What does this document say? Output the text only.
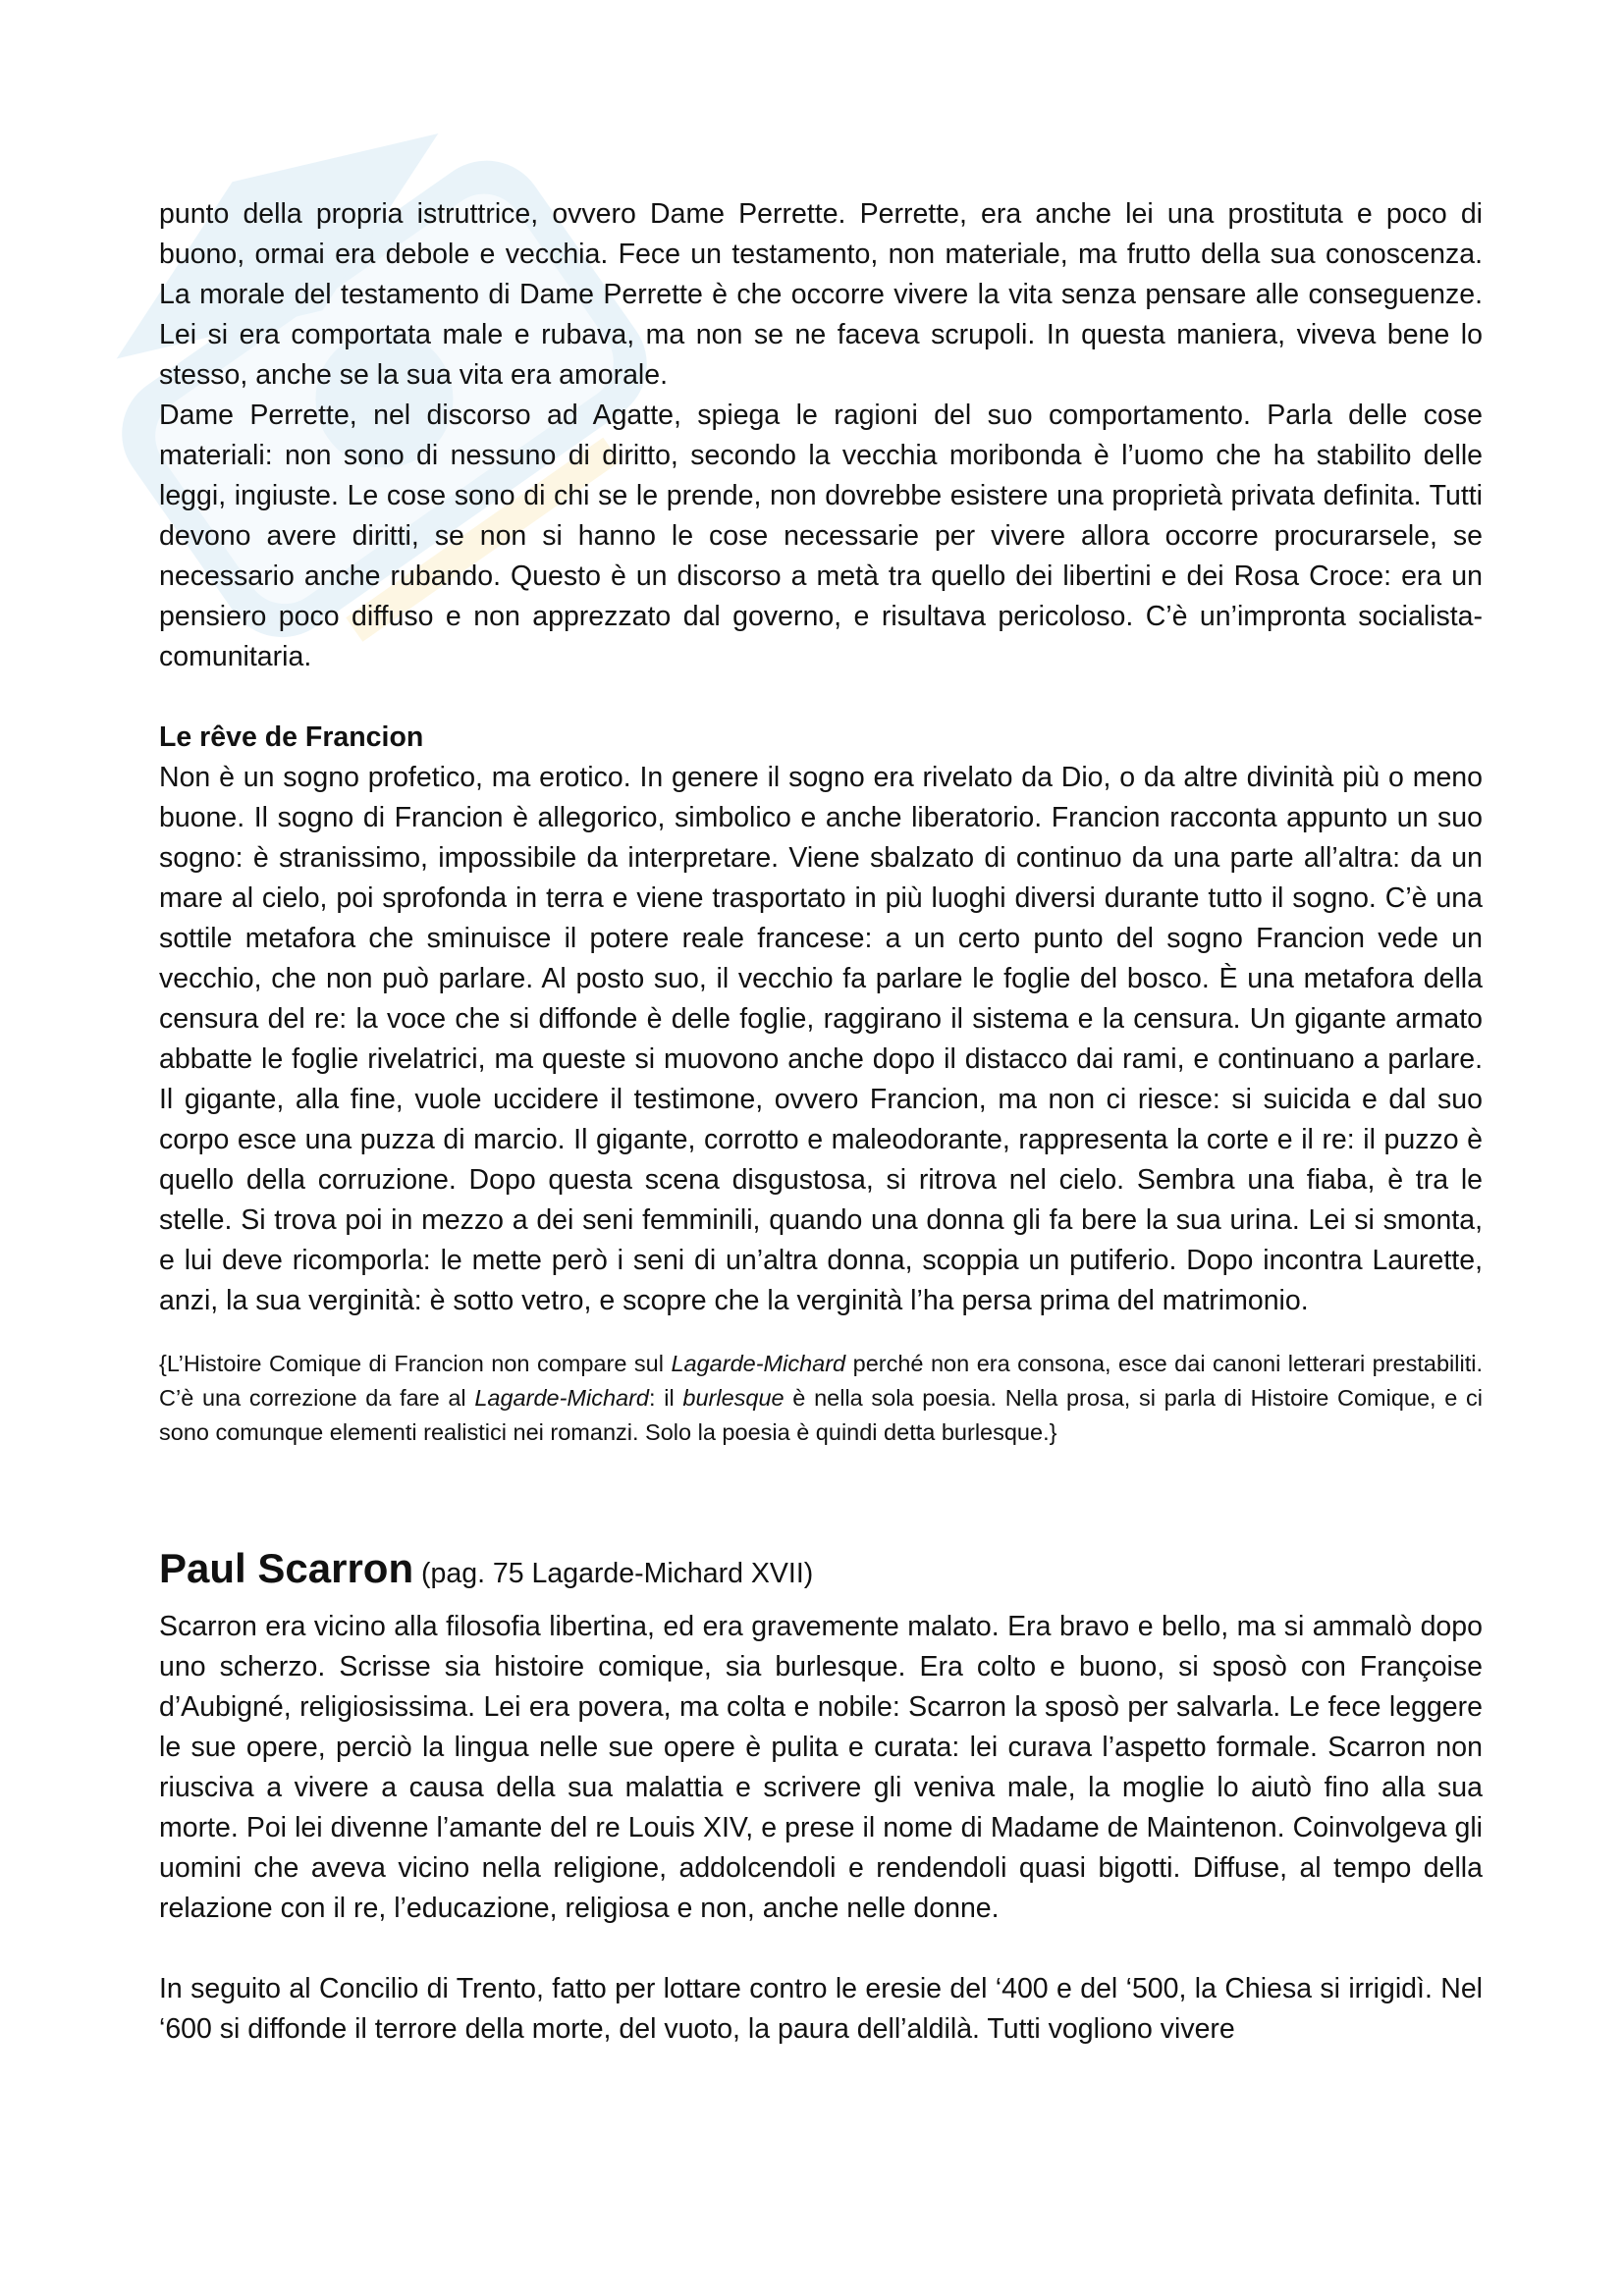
punto della propria istruttrice, ovvero Dame Perrette. Perrette, era anche lei una prostituta e poco di buono, ormai era debole e vecchia. Fece un testamento, non materiale, ma frutto della sua conoscenza. La morale del testamento di Dame Perrette è che occorre vivere la vita senza pensare alle conseguenze. Lei si era comportata male e rubava, ma non se ne faceva scrupoli. In questa maniera, viveva bene lo stesso, anche se la sua vita era amorale.

Dame Perrette, nel discorso ad Agatte, spiega le ragioni del suo comportamento. Parla delle cose materiali: non sono di nessuno di diritto, secondo la vecchia moribonda è l’uomo che ha stabilito delle leggi, ingiuste. Le cose sono di chi se le prende, non dovrebbe esistere una proprietà privata definita. Tutti devono avere diritti, se non si hanno le cose necessarie per vivere allora occorre procurarsele, se necessario anche rubando. Questo è un discorso a metà tra quello dei libertini e dei Rosa Croce: era un pensiero poco diffuso e non apprezzato dal governo, e risultava pericoloso. C’è un’impronta socialista-comunitaria.

Le rêve de Francion

Non è un sogno profetico, ma erotico. In genere il sogno era rivelato da Dio, o da altre divinità più o meno buone. Il sogno di Francion è allegorico, simbolico e anche liberatorio. Francion racconta appunto un suo sogno: è stranissimo, impossibile da interpretare. Viene sbalzato di continuo da una parte all’altra: da un mare al cielo, poi sprofonda in terra e viene trasportato in più luoghi diversi durante tutto il sogno. C’è una sottile metafora che sminuisce il potere reale francese: a un certo punto del sogno Francion vede un vecchio, che non può parlare. Al posto suo, il vecchio fa parlare le foglie del bosco. È una metafora della censura del re: la voce che si diffonde è delle foglie, raggirano il sistema e la censura. Un gigante armato abbatte le foglie rivelatrici, ma queste si muovono anche dopo il distacco dai rami, e continuano a parlare. Il gigante, alla fine, vuole uccidere il testimone, ovvero Francion, ma non ci riesce: si suicida e dal suo corpo esce una puzza di marcio. Il gigante, corrotto e maleodorante, rappresenta la corte e il re: il puzzo è quello della corruzione. Dopo questa scena disgustosa, si ritrova nel cielo. Sembra una fiaba, è tra le stelle. Si trova poi in mezzo a dei seni femminili, quando una donna gli fa bere la sua urina. Lei si smonta, e lui deve ricomporla: le mette però i seni di un’altra donna, scoppia un putiferio. Dopo incontra Laurette, anzi, la sua verginità: è sotto vetro, e scopre che la verginità l’ha persa prima del matrimonio.

{L’Histoire Comique di Francion non compare sul Lagarde-Michard perché non era consona, esce dai canoni letterari prestabiliti. C’è una correzione da fare al Lagarde-Michard: il burlesque è nella sola poesia. Nella prosa, si parla di Histoire Comique, e ci sono comunque elementi realistici nei romanzi. Solo la poesia è quindi detta burlesque.}

Paul Scarron (pag. 75 Lagarde-Michard XVII)

Scarron era vicino alla filosofia libertina, ed era gravemente malato. Era bravo e bello, ma si ammalò dopo uno scherzo. Scrisse sia histoire comique, sia burlesque. Era colto e buono, si sposò con Françoise d’Aubigné, religiosissima. Lei era povera, ma colta e nobile: Scarron la sposò per salvarla. Le fece leggere le sue opere, perciò la lingua nelle sue opere è pulita e curata: lei curava l’aspetto formale. Scarron non riusciva a vivere a causa della sua malattia e scrivere gli veniva male, la moglie lo aiutò fino alla sua morte. Poi lei divenne l’amante del re Louis XIV, e prese il nome di Madame de Maintenon. Coinvolgeva gli uomini che aveva vicino nella religione, addolcendoli e rendendoli quasi bigotti. Diffuse, al tempo della relazione con il re, l’educazione, religiosa e non, anche nelle donne.

In seguito al Concilio di Trento, fatto per lottare contro le eresie del ‘400 e del ‘500, la Chiesa si irrigidì. Nel ‘600 si diffonde il terrore della morte, del vuoto, la paura dell’aldilà. Tutti vogliono vivere
